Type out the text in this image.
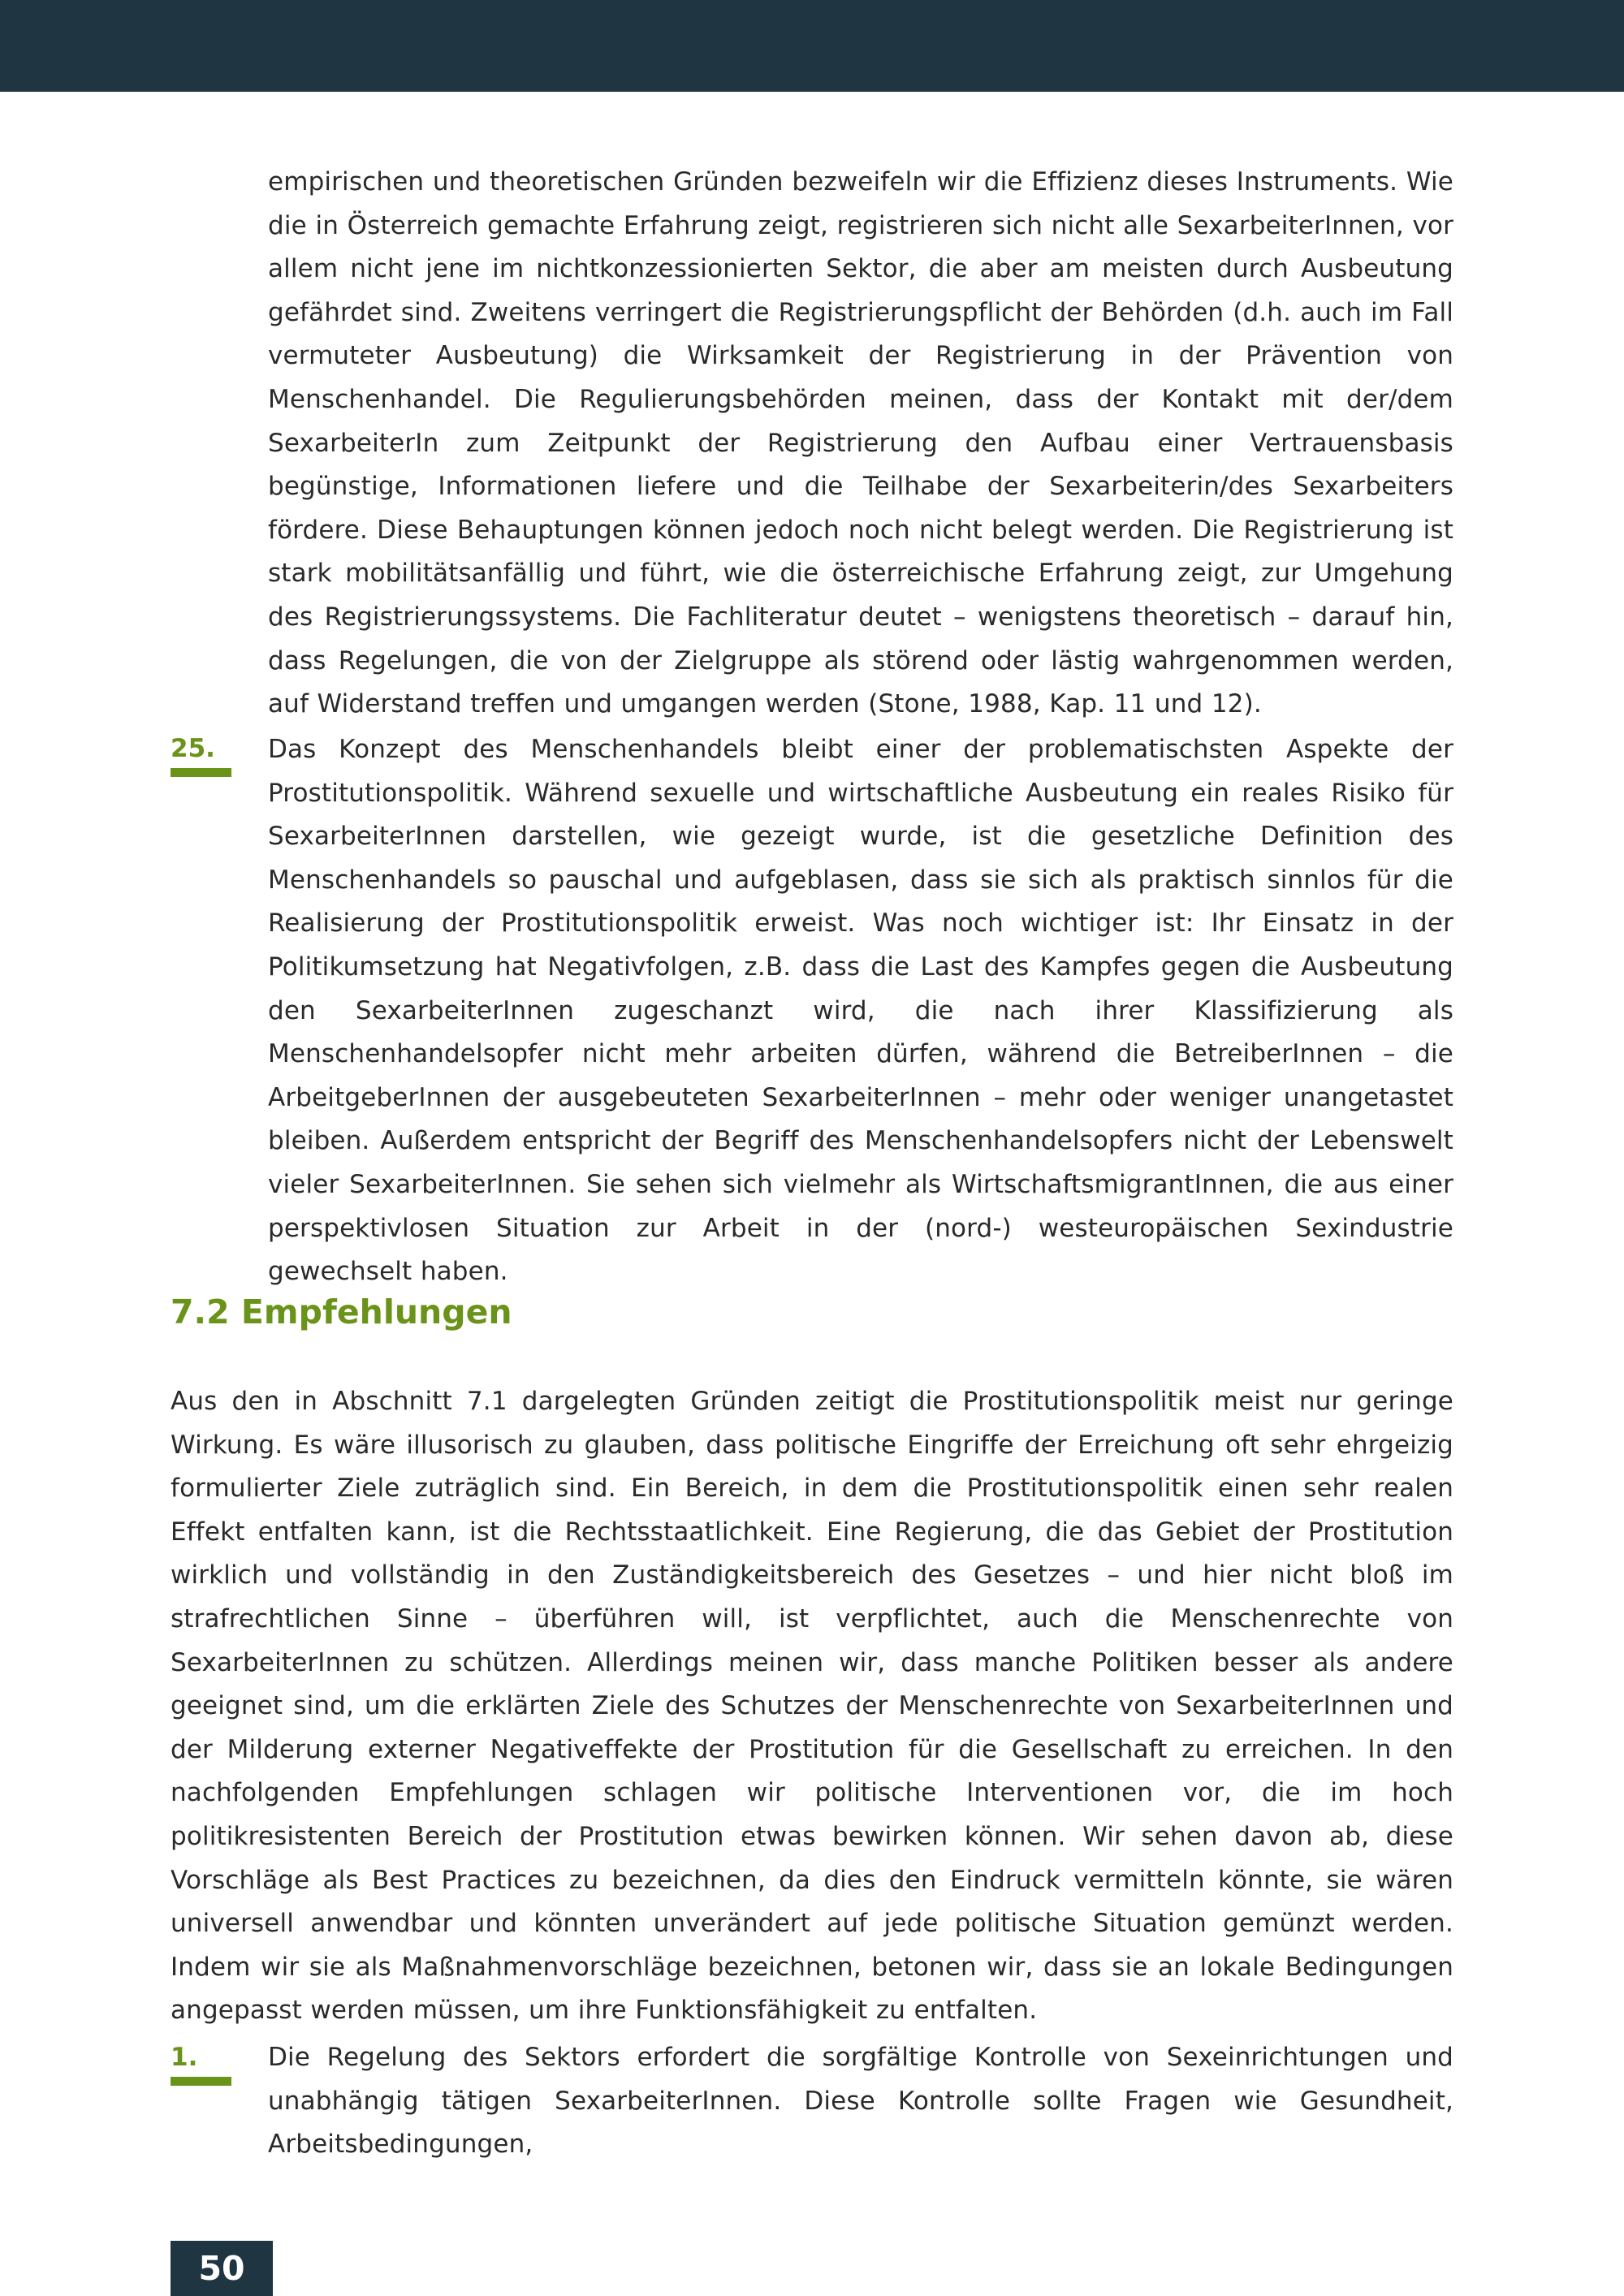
empirischen und theoretischen Gründen bezweifeln wir die Effizienz dieses Instruments. Wie die in Österreich gemachte Erfahrung zeigt, registrieren sich nicht alle SexarbeiterInnen, vor allem nicht jene im nichtkonzessionierten Sektor, die aber am meisten durch Ausbeutung gefährdet sind. Zweitens verringert die Registrierungspflicht der Behörden (d.h. auch im Fall vermuteter Ausbeutung) die Wirksamkeit der Registrierung in der Prävention von Menschenhandel. Die Regulierungsbehörden meinen, dass der Kontakt mit der/dem SexarbeiterIn zum Zeitpunkt der Registrierung den Aufbau einer Vertrauensbasis begünstige, Informationen liefere und die Teilhabe der Sexarbeiterin/des Sexarbeiters fördere. Diese Behauptungen können jedoch noch nicht belegt werden. Die Registrierung ist stark mobilitätsanfällig und führt, wie die österreichische Erfahrung zeigt, zur Umgehung des Registrierungssystems. Die Fachliteratur deutet – wenigstens theoretisch – darauf hin, dass Regelungen, die von der Zielgruppe als störend oder lästig wahrgenommen werden, auf Widerstand treffen und umgangen werden (Stone, 1988, Kap. 11 und 12).

25. Das Konzept des Menschenhandels bleibt einer der problematischsten Aspekte der Prostitutionspolitik. Während sexuelle und wirtschaftliche Ausbeutung ein reales Risiko für SexarbeiterInnen darstellen, wie gezeigt wurde, ist die gesetzliche Definition des Menschenhandels so pauschal und aufgeblasen, dass sie sich als praktisch sinnlos für die Realisierung der Prostitutionspolitik erweist. Was noch wichtiger ist: Ihr Einsatz in der Politikumsetzung hat Negativfolgen, z.B. dass die Last des Kampfes gegen die Ausbeutung den SexarbeiterInnen zugeschanzt wird, die nach ihrer Klassifizierung als Menschenhandelsopfer nicht mehr arbeiten dürfen, während die BetreiberInnen – die ArbeitgeberInnen der ausgebeuteten SexarbeiterInnen – mehr oder weniger unangetastet bleiben. Außerdem entspricht der Begriff des Menschenhandelsopfers nicht der Lebenswelt vieler SexarbeiterInnen. Sie sehen sich vielmehr als WirtschaftsmigrantInnen, die aus einer perspektivlosen Situation zur Arbeit in der (nord-) westeuropäischen Sexindustrie gewechselt haben.

7.2 Empfehlungen

Aus den in Abschnitt 7.1 dargelegten Gründen zeitigt die Prostitutionspolitik meist nur geringe Wirkung. Es wäre illusorisch zu glauben, dass politische Eingriffe der Erreichung oft sehr ehrgeizig formulierter Ziele zuträglich sind. Ein Bereich, in dem die Prostitutionspolitik einen sehr realen Effekt entfalten kann, ist die Rechtsstaatlichkeit. Eine Regierung, die das Gebiet der Prostitution wirklich und vollständig in den Zuständigkeitsbereich des Gesetzes – und hier nicht bloß im strafrechtlichen Sinne – überführen will, ist verpflichtet, auch die Menschenrechte von SexarbeiterInnen zu schützen. Allerdings meinen wir, dass manche Politiken besser als andere geeignet sind, um die erklärten Ziele des Schutzes der Menschenrechte von SexarbeiterInnen und der Milderung externer Negativeffekte der Prostitution für die Gesellschaft zu erreichen. In den nachfolgenden Empfehlungen schlagen wir politische Interventionen vor, die im hoch politikresistenten Bereich der Prostitution etwas bewirken können. Wir sehen davon ab, diese Vorschläge als Best Practices zu bezeichnen, da dies den Eindruck vermitteln könnte, sie wären universell anwendbar und könnten unverändert auf jede politische Situation gemünzt werden. Indem wir sie als Maßnahmenvorschläge bezeichnen, betonen wir, dass sie an lokale Bedingungen angepasst werden müssen, um ihre Funktionsfähigkeit zu entfalten.

1.	Die Regelung des Sektors erfordert die sorgfältige Kontrolle von Sexeinrichtungen und unabhängig tätigen SexarbeiterInnen. Diese Kontrolle sollte Fragen wie Gesundheit, Arbeitsbedingungen,

50
